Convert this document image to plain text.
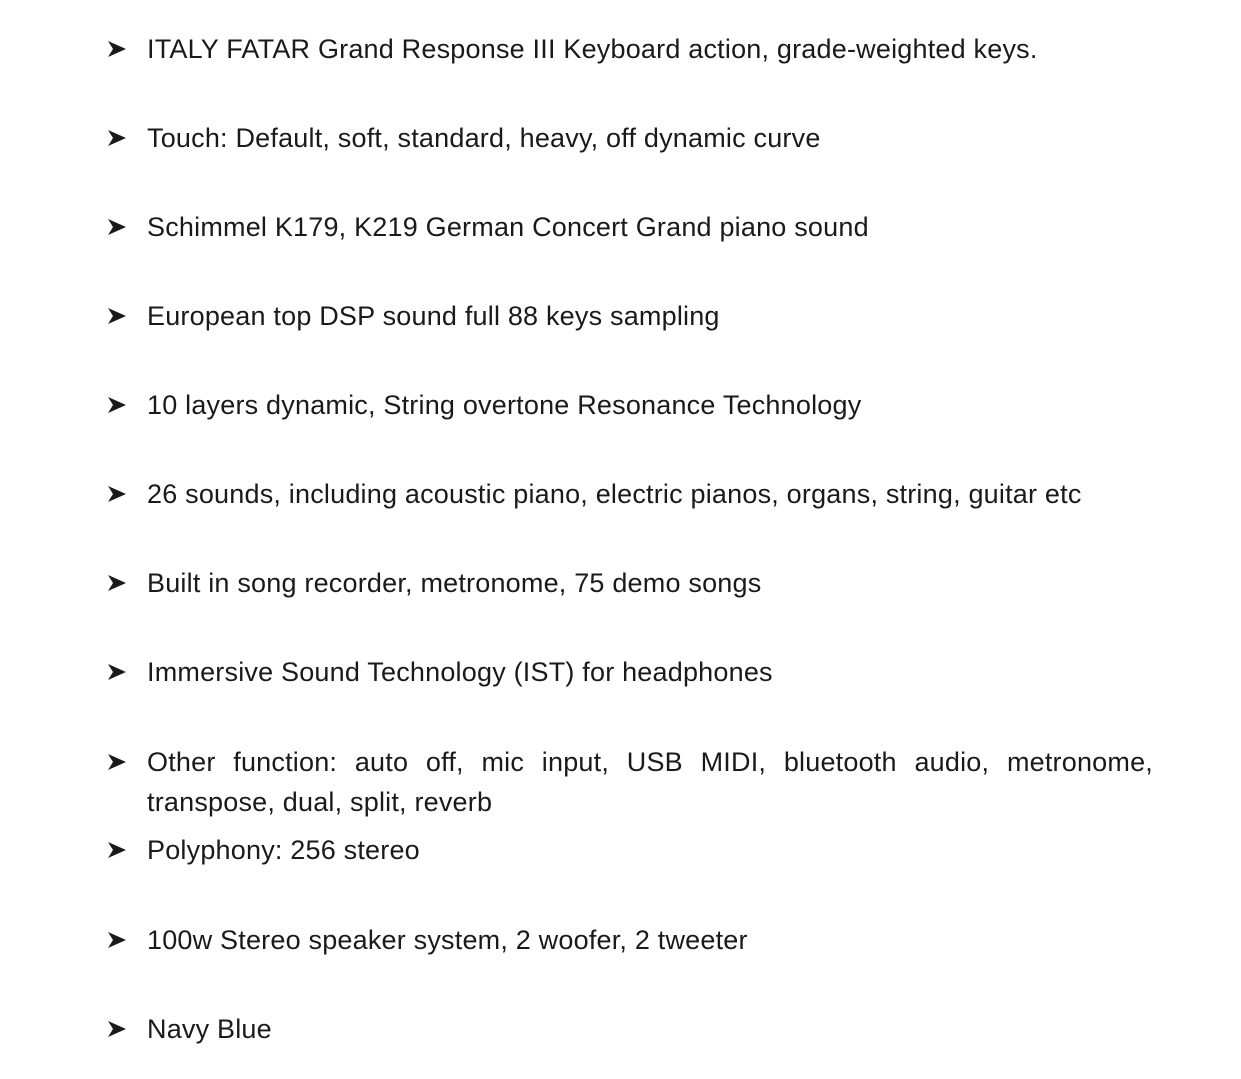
ITALY FATAR Grand Response III Keyboard action, grade-weighted keys.
Touch: Default, soft, standard, heavy, off dynamic curve
Schimmel K179, K219 German Concert Grand piano sound
European top DSP sound full 88 keys sampling
10 layers dynamic, String overtone Resonance Technology
26 sounds, including acoustic piano, electric pianos, organs, string, guitar etc
Built in song recorder, metronome, 75 demo songs
Immersive Sound Technology (IST) for headphones
Other function: auto off, mic input, USB MIDI, bluetooth audio, metronome, transpose, dual, split, reverb
Polyphony: 256 stereo
100w Stereo speaker system, 2 woofer, 2 tweeter
Navy Blue
